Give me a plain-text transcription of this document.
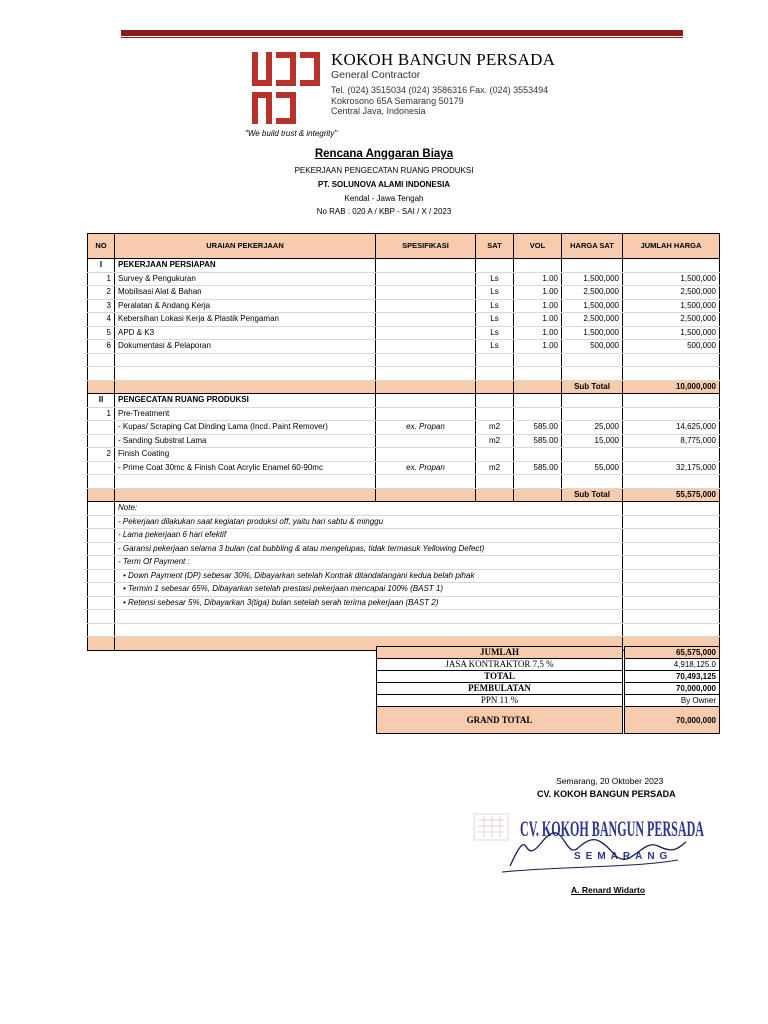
KOKOH BANGUN PERSADA
General Contractor
Tel. (024) 3515034 (024) 3586316 Fax. (024) 3553494
Kokrosono 65A Semarang 50179
Central Java, Indonesia
"We build trust & integrity"
Rencana Anggaran Biaya
PEKERJAAN PENGECATAN RUANG PRODUKSI
PT. SOLUNOVA ALAMI INDONESIA
Kendal - Jawa Tengah
No RAB : 020 A / KBP - SAI / X / 2023
NO	URAIAN PEKERJAAN	SPESIFIKASI	SAT	VOL	HARGA SAT	JUMLAH HARGA
I	PEKERJAAN PERSIAPAN					
1	Survey & Pengukuran		Ls	1.00	1,500,000	1,500,000
2	Mobilisasi Alat & Bahan		Ls	1.00	2,500,000	2,500,000
3	Peralatan & Andang Kerja		Ls	1.00	1,500,000	1,500,000
4	Kebersihan Lokasi Kerja & Plastik Pengaman		Ls	1.00	2,500,000	2,500,000
5	APD & K3		Ls	1.00	1,500,000	1,500,000
6	Dokumentasi & Pelaporan		Ls	1.00	500,000	500,000

					Sub Total	10,000,000
II	PENGECATAN RUANG PRODUKSI					
1	Pre-Treatment					
	- Kupas/ Scraping Cat Dinding Lama (Incd. Paint Remover)	ex. Propan	m2	585.00	25,000	14,625,000
	- Sanding Substrat Lama		m2	585.00	15,000	8,775,000
2	Finish Coating					
	- Prime Coat 30mc & Finish Coat Acrylic Enamel 60-90mc	ex. Propan	m2	585.00	55,000	32,175,000

					Sub Total	55,575,000
	Note:					
	- Pekerjaan dilakukan saat kegiatan produksi off, yaitu hari sabtu & minggu					
	- Lama pekerjaan 6 hari efektif					
	- Garansi pekerjaan selama 3 bulan (cat bubbling & atau mengelupas, tidak termasuk Yellowing Defect)					
	- Term Of Payment :					
	• Down Payment (DP) sebesar 30%, Dibayarkan setelah Kontrak ditandatangani kedua belah pihak					
	• Termin 1 sebesar 65%, Dibayarkan setelah prestasi pekerjaan mencapai 100% (BAST 1)					
	• Retensi sebesar 5%, Dibayarkan 3(tiga) bulan setelah serah terima pekerjaan (BAST 2)					

JUMLAH		65,575,000
JASA KONTRAKTOR 7,5 %		4,918,125.0
TOTAL		70,493,125
PEMBULATAN		70,000,000
PPN 11 %		By Owner
GRAND TOTAL		70,000,000
Semarang, 20 Oktober 2023
CV. KOKOH BANGUN PERSADA
CV. KOKOH BANGUN PERSADA
SEMARANG
A. Renard Widarto
